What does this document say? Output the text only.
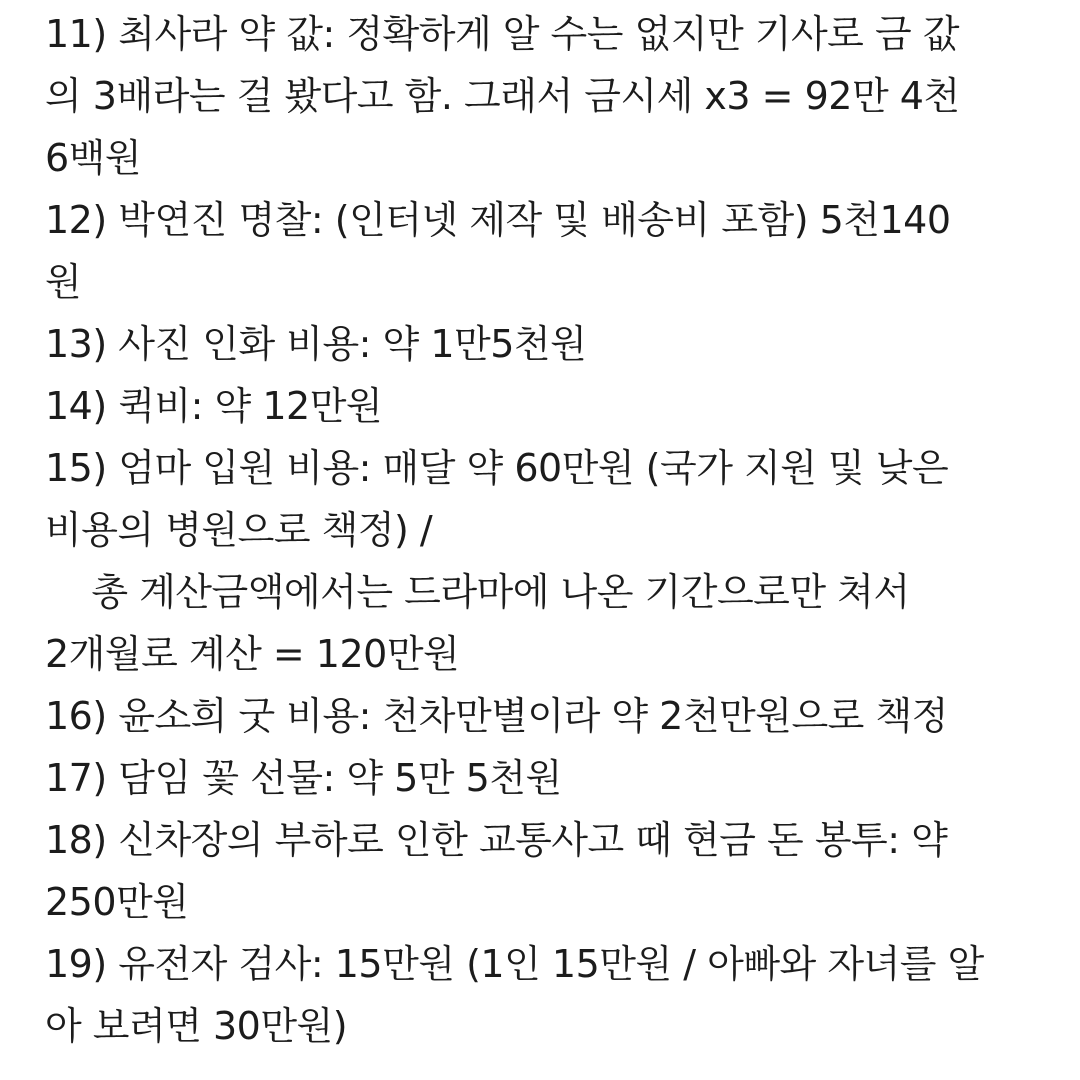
11) 최사라 약 값: 정확하게 알 수는 없지만 기사로 금 값
의 3배라는 걸 봤다고 함. 그래서 금시세 x3 = 92만 4천
6백원
12) 박연진 명찰: (인터넷 제작 및 배송비 포함) 5천140
원
13) 사진 인화 비용: 약 1만5천원
14) 퀵비: 약 12만원
15) 엄마 입원 비용: 매달 약 60만원 (국가 지원 및 낮은
비용의 병원으로 책정) /
총 계산금액에서는 드라마에 나온 기간으로만 쳐서
2개월로 계산 = 120만원
16) 윤소희 굿 비용: 천차만별이라 약 2천만원으로 책정
17) 담임 꽃 선물: 약 5만 5천원
18) 신차장의 부하로 인한 교통사고 때 현금 돈 봉투: 약
250만원
19) 유전자 검사: 15만원 (1인 15만원 / 아빠와 자녀를 알
아 보려면 30만원)
